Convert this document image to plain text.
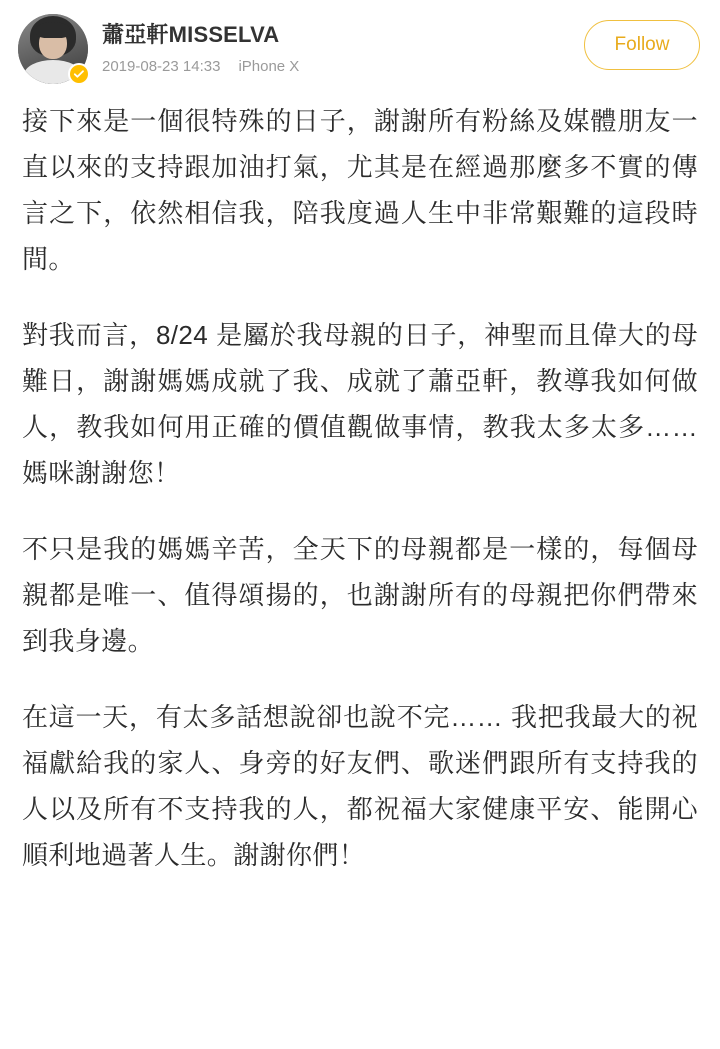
蕭亞軒MISSELVA
2019-08-23 14:33 iPhone X
Follow

接下來是一個很特殊的日子，謝謝所有粉絲及媒體朋友一直以來的支持跟加油打氣，尤其是在經過那麼多不實的傳言之下，依然相信我，陪我度過人生中非常艱難的這段時間。

對我而言，8/24 是屬於我母親的日子，神聖而且偉大的母難日，謝謝媽媽成就了我、成就了蕭亞軒，教導我如何做人，教我如何用正確的價值觀做事情，教我太多太多…… 媽咪謝謝您！

不只是我的媽媽辛苦，全天下的母親都是一樣的，每個母親都是唯一、值得頌揚的，也謝謝所有的母親把你們帶來到我身邊。

在這一天，有太多話想說卻也說不完…… 我把我最大的祝福獻給我的家人、身旁的好友們、歌迷們跟所有支持我的人以及所有不支持我的人，都祝福大家健康平安、能開心順利地過著人生。謝謝你們！
